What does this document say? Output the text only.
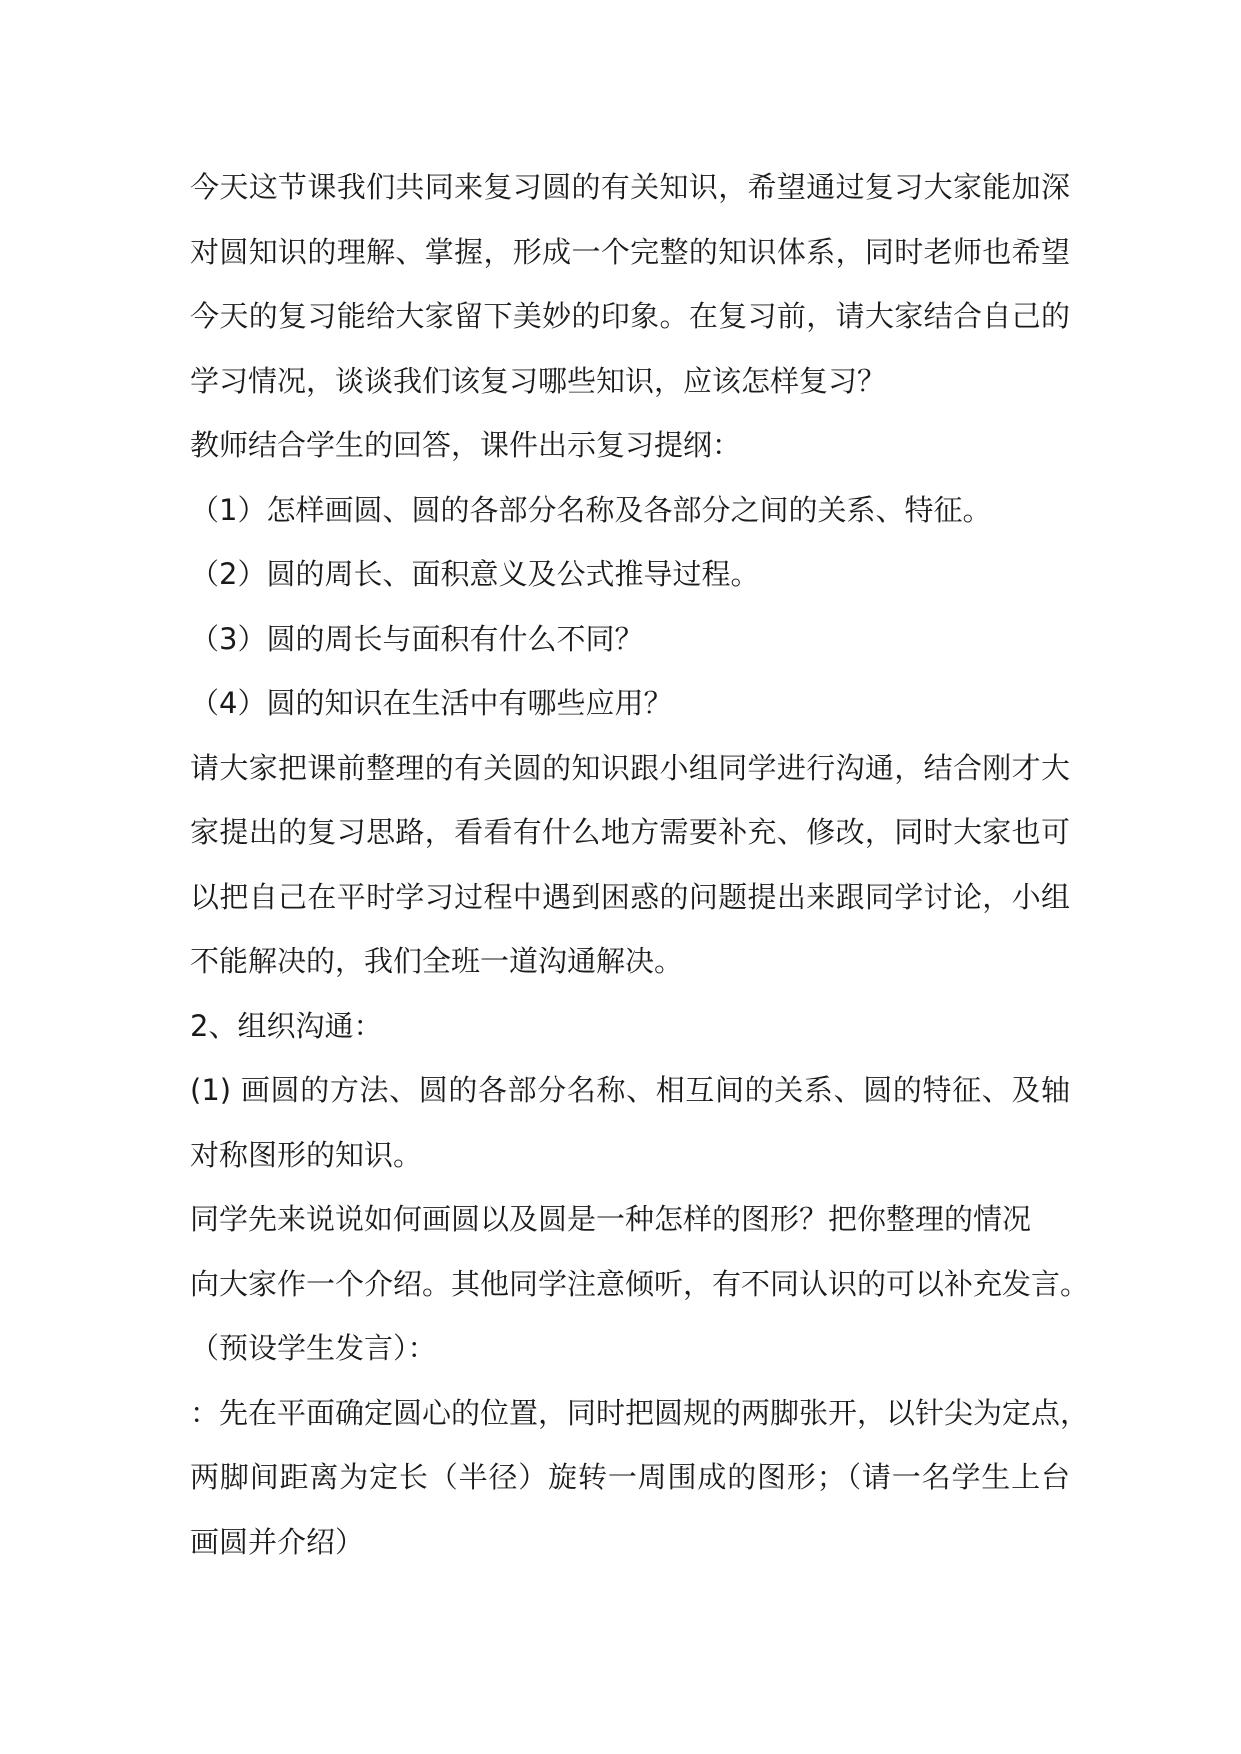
今天这节课我们共同来复习圆的有关知识，希望通过复习大家能加深
对圆知识的理解、掌握，形成一个完整的知识体系，同时老师也希望
今天的复习能给大家留下美妙的印象。在复习前，请大家结合自己的
学习情况，谈谈我们该复习哪些知识，应该怎样复习？
教师结合学生的回答，课件出示复习提纲：
（1）怎样画圆、圆的各部分名称及各部分之间的关系、特征。
（2）圆的周长、面积意义及公式推导过程。
（3）圆的周长与面积有什么不同？
（4）圆的知识在生活中有哪些应用？
请大家把课前整理的有关圆的知识跟小组同学进行沟通，结合刚才大
家提出的复习思路，看看有什么地方需要补充、修改，同时大家也可
以把自己在平时学习过程中遇到困惑的问题提出来跟同学讨论，小组
不能解决的，我们全班一道沟通解决。
2、组织沟通：
(1) 画圆的方法、圆的各部分名称、相互间的关系、圆的特征、及轴
对称图形的知识。
同学先来说说如何画圆以及圆是一种怎样的图形？把你整理的情况
向大家作一个介绍。其他同学注意倾听，有不同认识的可以补充发言。
（预设学生发言）：
：先在平面确定圆心的位置，同时把圆规的两脚张开，以针尖为定点，
两脚间距离为定长（半径）旋转一周围成的图形；（请一名学生上台
画圆并介绍）
